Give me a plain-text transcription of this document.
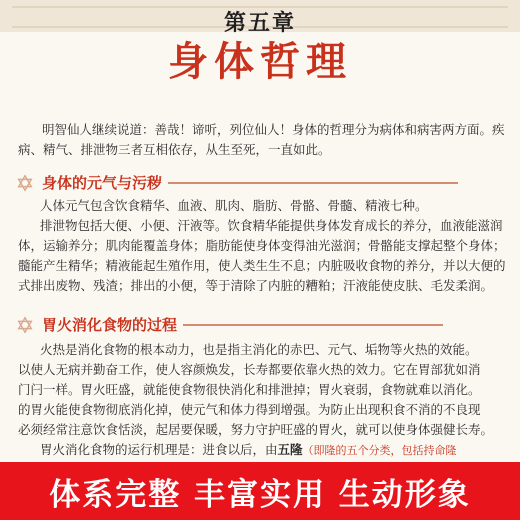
第五章
身体哲理
明智仙人继续说道：善哉！谛听，列位仙人！身体的哲理分为病体和病害两方面。疾
病、精气、排泄物三者互相依存，从生至死，一直如此。
身体的元气与污秽
人体元气包含饮食精华、血液、肌肉、脂肪、骨骼、骨髓、精液七种。
排泄物包括大便、小便、汗液等。饮食精华能提供身体发育成长的养分，血液能滋润
体，运输养分；肌肉能覆盖身体；脂肪能使身体变得油光滋润；骨骼能支撑起整个身体；
髓能产生精华；精液能起生殖作用，使人类生生不息；内脏吸收食物的养分，并以大便的
式排出废物、残渣；排出的小便，等于清除了内脏的糟粕；汗液能使皮肤、毛发柔润。
胃火消化食物的过程
火热是消化食物的根本动力，也是指主消化的赤巴、元气、垢物等火热的效能。
以使人无病并勤奋工作，使人容颜焕发，长寿都要依靠火热的效力。它在胃部犹如消
门闩一样。胃火旺盛，就能使食物很快消化和排泄掉；胃火衰弱，食物就难以消化。
的胃火能使食物彻底消化掉，使元气和体力得到增强。为防止出现积食不消的不良现
必须经常注意饮食恬淡，起居要保暖，努力守护旺盛的胃火，就可以使身体强健长寿。
胃火消化食物的运行机理是：进食以后，由五隆（即隆的五个分类，包括持命隆
体系完整 丰富实用 生动形象
